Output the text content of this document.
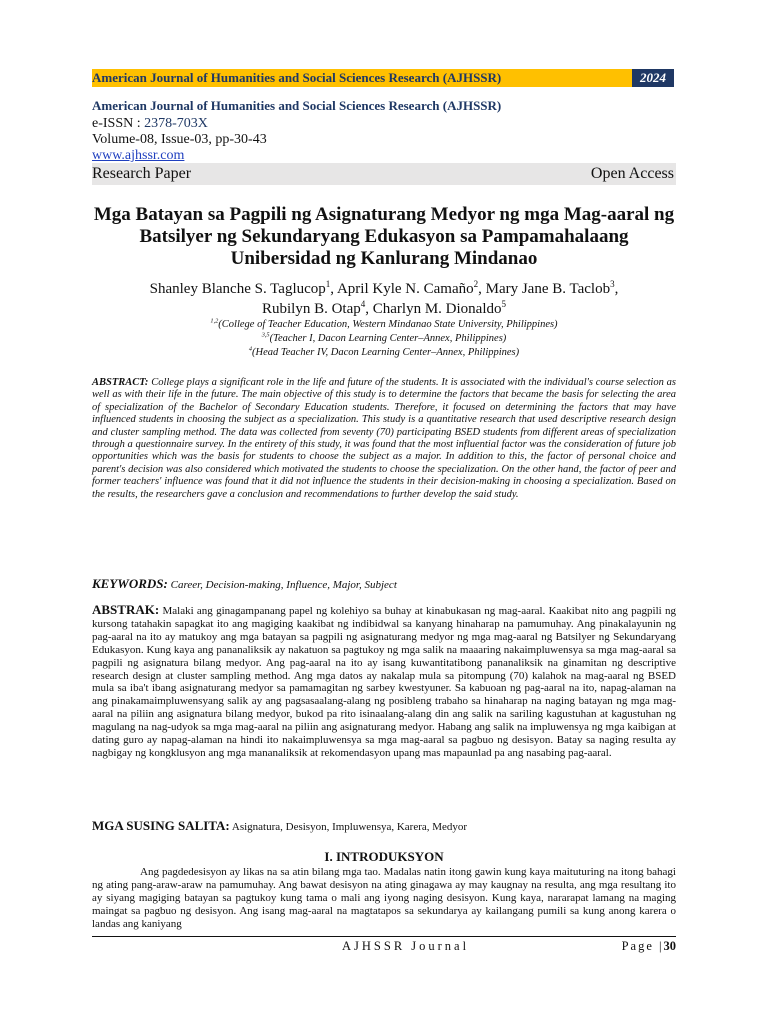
American Journal of Humanities and Social Sciences Research (AJHSSR)	2024
American Journal of Humanities and Social Sciences Research (AJHSSR)
e-ISSN : 2378-703X
Volume-08, Issue-03, pp-30-43
www.ajhssr.com
Research Paper	Open Access
Mga Batayan sa Pagpili ng Asignaturang Medyor ng mga Mag-aaral ng Batsilyer ng Sekundaryang Edukasyon sa Pampamahalaang Unibersidad ng Kanlurang Mindanao
Shanley Blanche S. Taglucop$^1$, April Kyle N. Camaño$^2$, Mary Jane B. Taclob$^3$,
Rubilyn B. Otap$^4$, Charlyn M. Dionaldo$^5$
$^{1,2}$(College of Teacher Education, Western Mindanao State University, Philippines)
$^{3,5}$(Teacher I, Dacon Learning Center–Annex, Philippines)
$^4$(Head Teacher IV, Dacon Learning Center–Annex, Philippines)
ABSTRACT: College plays a significant role in the life and future of the students. It is associated with the individual's course selection as well as with their life in the future. The main objective of this study is to determine the factors that became the basis for selecting the area of specialization of the Bachelor of Secondary Education students. Therefore, it focused on determining the factors that may have influenced students in choosing the subject as a specialization. This study is a quantitative research that used descriptive research design and cluster sampling method. The data was collected from seventy (70) participating BSED students from different areas of specialization through a questionnaire survey. In the entirety of this study, it was found that the most influential factor was the consideration of future job opportunities which was the basis for students to choose the subject as a major. In addition to this, the factor of personal choice and parent's decision was also considered which motivated the students to choose the specialization. On the other hand, the factor of peer and former teachers' influence was found that it did not influence the students in their decision-making in choosing a specialization. Based on the results, the researchers gave a conclusion and recommendations to further develop the said study.
KEYWORDS: Career, Decision-making, Influence, Major, Subject
ABSTRAK: Malaki ang ginagampanang papel ng kolehiyo sa buhay at kinabukasan ng mag-aaral. Kaakibat nito ang pagpili ng kursong tatahakin sapagkat ito ang magiging kaakibat ng indibidwal sa kanyang hinaharap na pamumuhay. Ang pinakalayunin ng pag-aaral na ito ay matukoy ang mga batayan sa pagpili ng asignaturang medyor ng mga mag-aaral ng Batsilyer ng Sekundaryang Edukasyon. Kung kaya ang pananaliksik ay nakatuon sa pagtukoy ng mga salik na maaaring nakaimpluwensya sa mga mag-aaral sa pagpili ng asignatura bilang medyor. Ang pag-aaral na ito ay isang kuwantitatibong pananaliksik na ginamitan ng descriptive research design at cluster sampling method. Ang mga datos ay nakalap mula sa pitompung (70) kalahok na mag-aaral ng BSED mula sa iba't ibang asignaturang medyor sa pamamagitan ng sarbey kwestyuner. Sa kabuoan ng pag-aaral na ito, napag-alaman na ang pinakamaimpluwensyang salik ay ang pagsasaalang-alang ng posibleng trabaho sa hinaharap na naging batayan ng mga mag-aaral na piliin ang asignatura bilang medyor, bukod pa rito isinaalang-alang din ang salik na sariling kagustuhan at kagustuhan ng magulang na nag-udyok sa mga mag-aaral na piliin ang asignaturang medyor. Habang ang salik na impluwensya ng mga kaibigan at dating guro ay napag-alaman na hindi ito nakaimpluwensya sa mga mag-aaral sa pagbuo ng desisyon. Batay sa naging resulta ay nagbigay ng kongklusyon ang mga mananaliksik at rekomendasyon upang mas mapaunlad pa ang nasabing pag-aaral.
MGA SUSING SALITA: Asignatura, Desisyon, Impluwensya, Karera, Medyor
I. INTRODUKSYON
Ang pagdedesisyon ay likas na sa atin bilang mga tao. Madalas natin itong gawin kung kaya maituturing na itong bahagi ng ating pang-araw-araw na pamumuhay. Ang bawat desisyon na ating ginagawa ay may kaugnay na resulta, ang mga resultang ito ay siyang magiging batayan sa pagtukoy kung tama o mali ang iyong naging desisyon. Kung kaya, nararapat lamang na maging maingat sa pagbuo ng desisyon. Ang isang mag-aaral na magtatapos sa sekundarya ay kailangang pumili sa kung anong karera o landas ang kaniyang
AJHSSR Journal	Page |30
